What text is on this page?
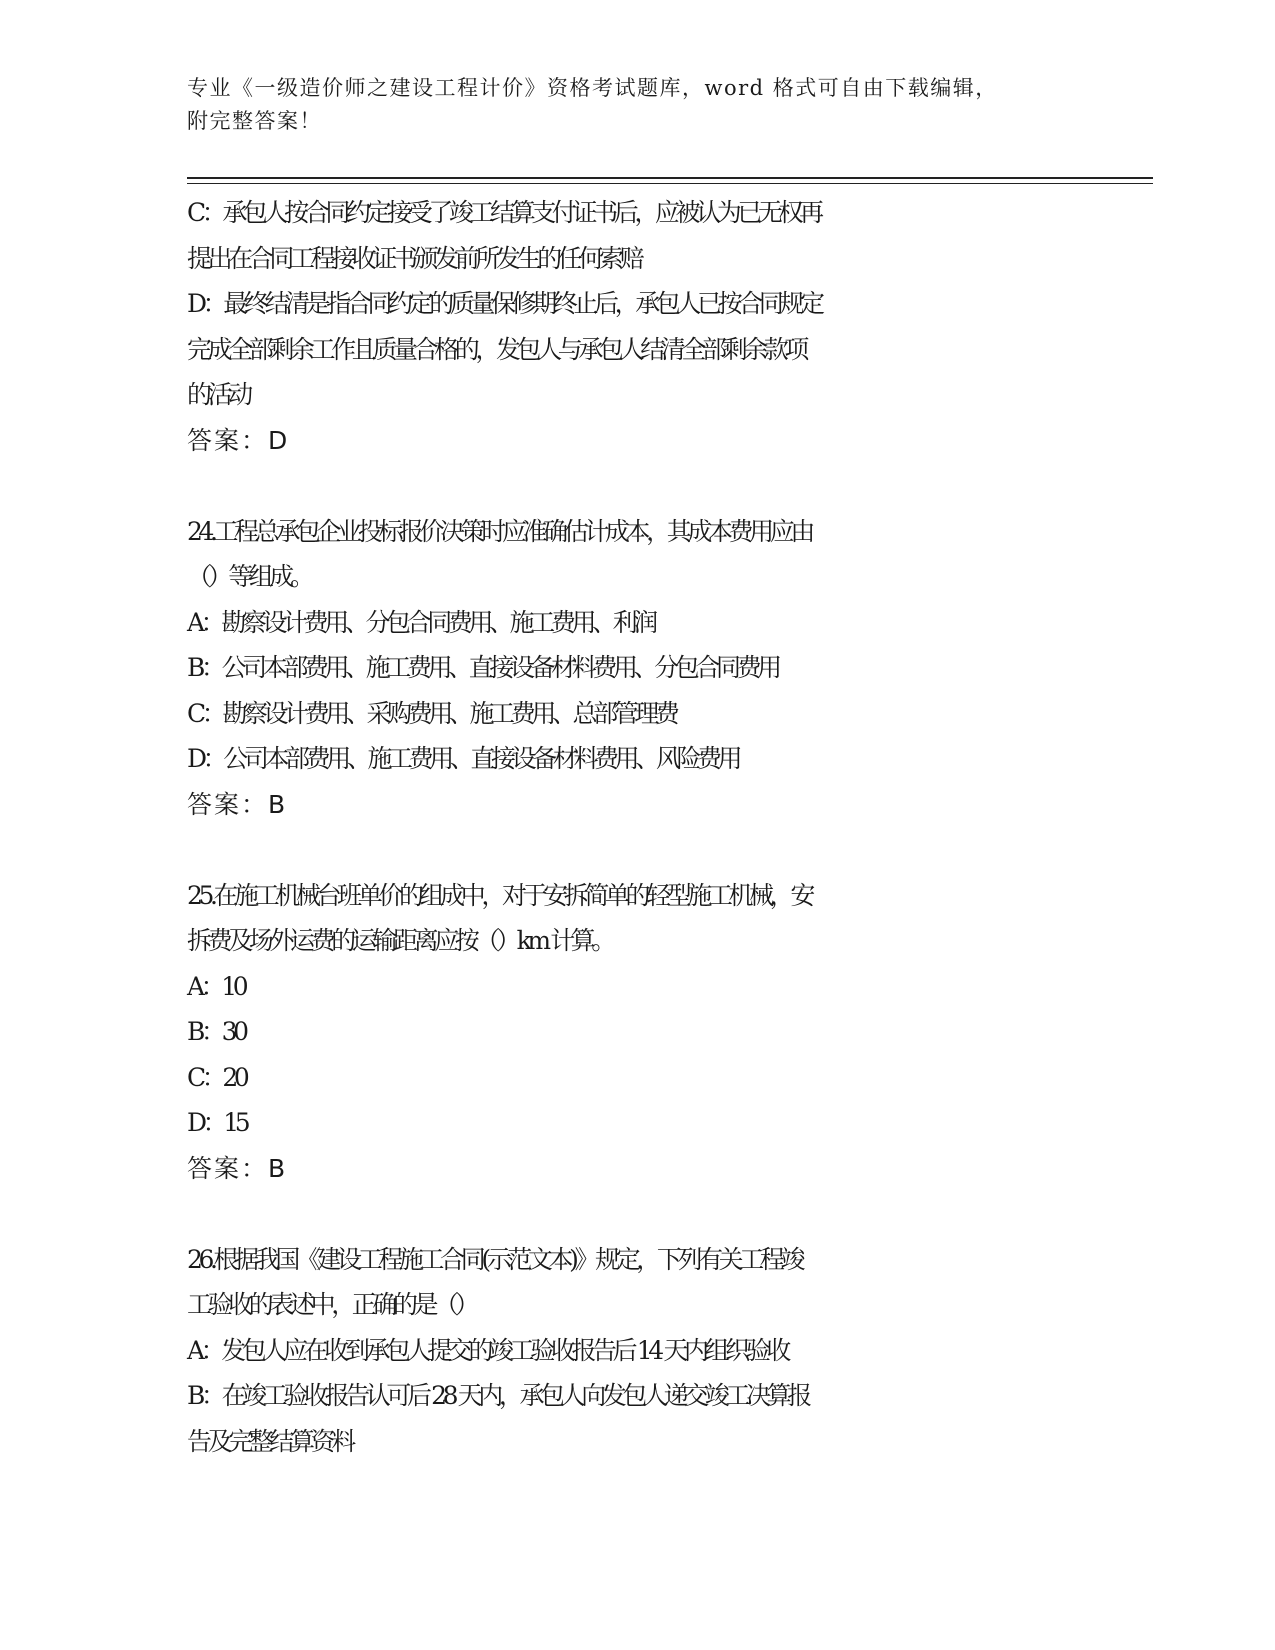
专业《一级造价师之建设工程计价》资格考试题库，word 格式可自由下载编辑，
附完整答案！
C：承包人按合同约定接受了竣工结算支付证书后，应被认为已无权再
提出在合同工程接收证书颁发前所发生的任何索赔
D：最终结清是指合同约定的质量保修期终止后，承包人已按合同规定
完成全部剩余工作且质量合格的，发包人与承包人结清全部剩余款项
的活动
答案：D
24.工程总承包企业投标报价决策时应准确估计成本，其成本费用应由
（）等组成。
A：勘察设计费用、分包合同费用、施工费用、利润
B：公司本部费用、施工费用、直接设备材料费用、分包合同费用
C：勘察设计费用、采购费用、施工费用、总部管理费
D：公司本部费用、施工费用、直接设备材料费用、风险费用
答案：B
25.在施工机械台班单价的组成中，对于安拆简单的轻型施工机械，安
拆费及场外运费的运输距离应按（）km 计算。
A：10
B：30
C：20
D：15
答案：B
26.根据我国《建设工程施工合同(示范文本)》规定，下列有关工程竣
工验收的表述中，正确的是（）
A：发包人应在收到承包人提交的竣工验收报告后 14 天内组织验收
B：在竣工验收报告认可后 28 天内，承包人向发包人递交竣工决算报
告及完整结算资料
